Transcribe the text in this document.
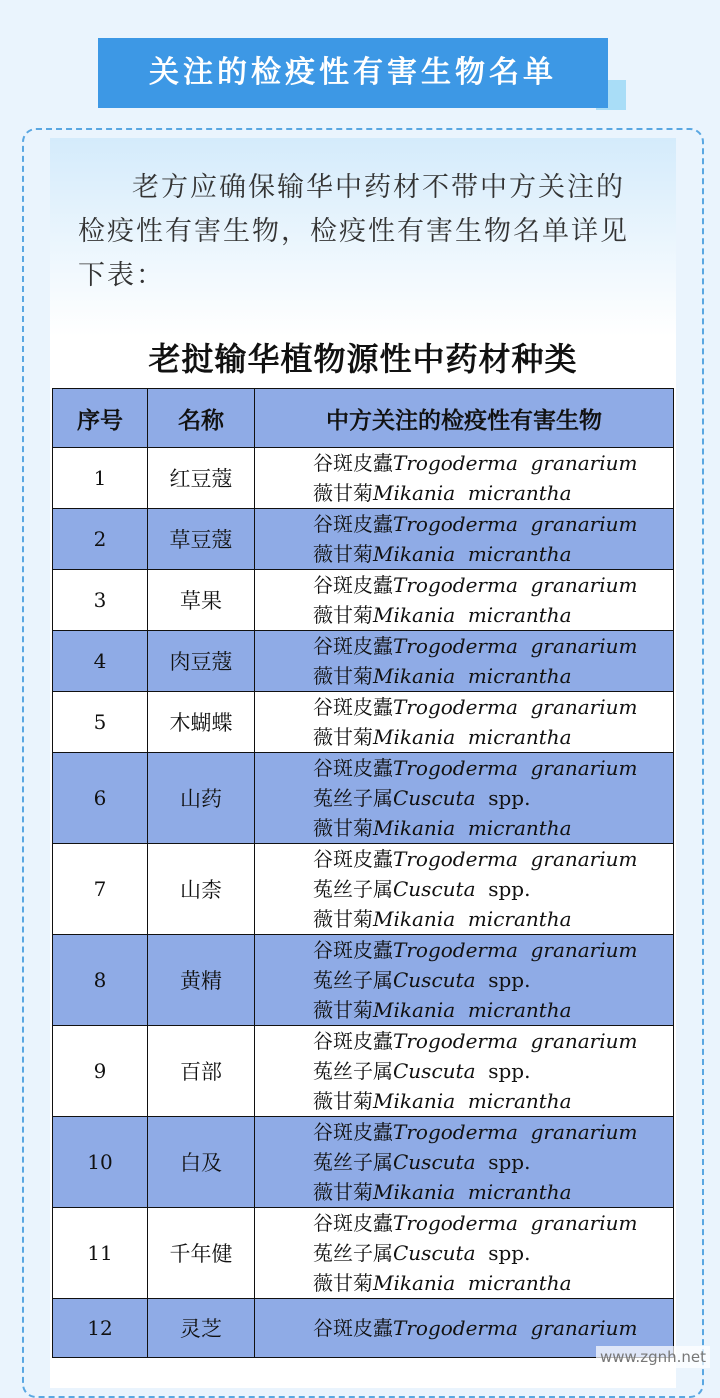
关注的检疫性有害生物名单

老方应确保输华中药材不带中方关注的检疫性有害生物，检疫性有害生物名单详见下表：

老挝输华植物源性中药材种类
序号	名称	中方关注的检疫性有害生物
1	红豆蔻	谷斑皮蠹Trogoderma  granarium
薇甘菊Mikania  micrantha

2	草豆蔻	谷斑皮蠹Trogoderma  granarium
薇甘菊Mikania  micrantha

3	草果	谷斑皮蠹Trogoderma  granarium
薇甘菊Mikania  micrantha

4	肉豆蔻	谷斑皮蠹Trogoderma  granarium
薇甘菊Mikania  micrantha

5	木蝴蝶	谷斑皮蠹Trogoderma  granarium
薇甘菊Mikania  micrantha

6	山药	谷斑皮蠹Trogoderma  granarium
菟丝子属Cuscuta  spp.
薇甘菊Mikania  micrantha

7	山柰	谷斑皮蠹Trogoderma  granarium
菟丝子属Cuscuta  spp.
薇甘菊Mikania  micrantha

8	黄精	谷斑皮蠹Trogoderma  granarium
菟丝子属Cuscuta  spp.
薇甘菊Mikania  micrantha

9	百部	谷斑皮蠹Trogoderma  granarium
菟丝子属Cuscuta  spp.
薇甘菊Mikania  micrantha

10	白及	谷斑皮蠹Trogoderma  granarium
菟丝子属Cuscuta  spp.
薇甘菊Mikania  micrantha

11	千年健	谷斑皮蠹Trogoderma  granarium
菟丝子属Cuscuta  spp.
薇甘菊Mikania  micrantha

12	灵芝	谷斑皮蠹Trogoderma  granarium
www.zgnh.net
